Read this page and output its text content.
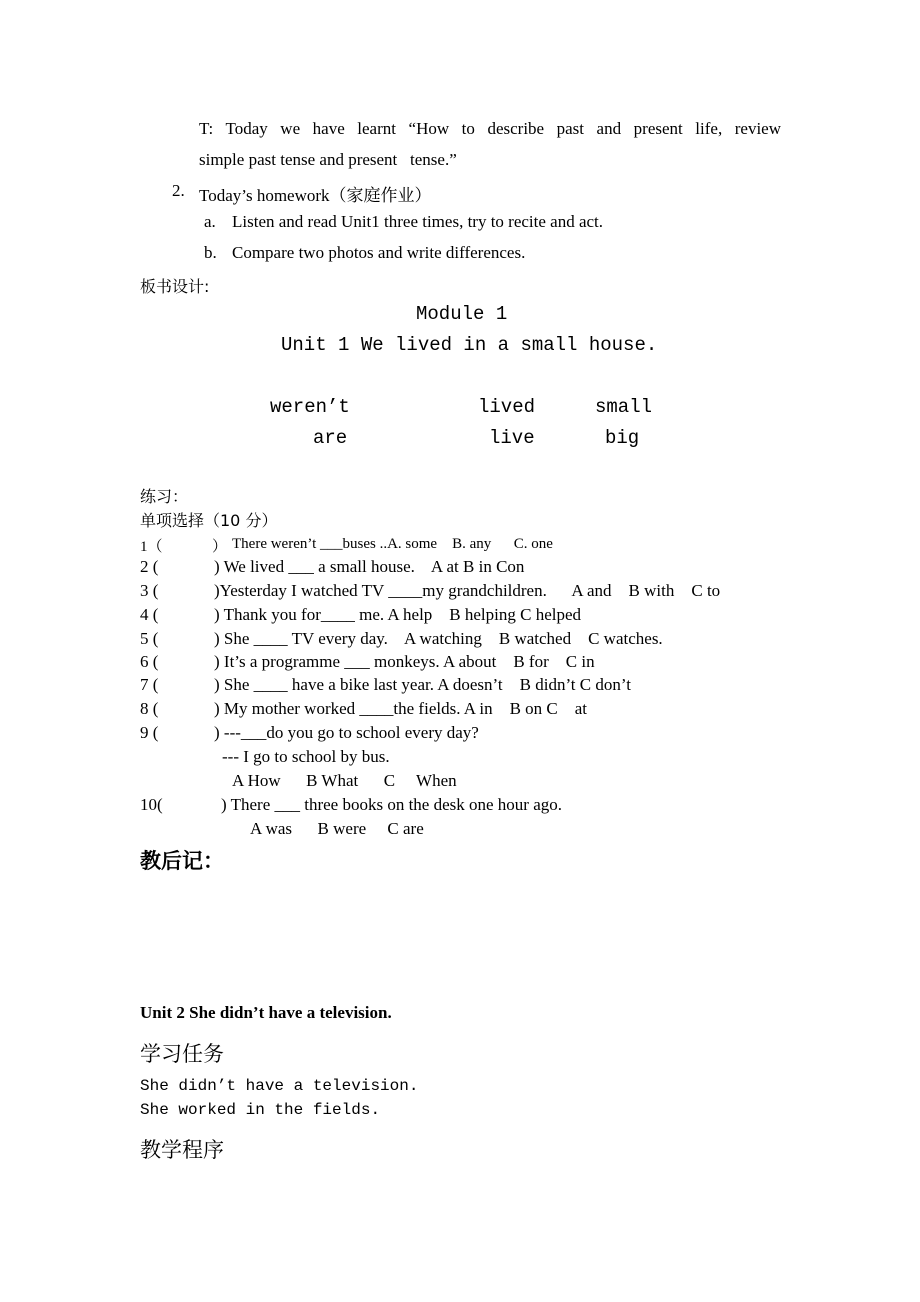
T: Today we have learnt “How to describe past and present life, review
simple past tense and present   tense.”
2. Today’s homework（家庭作业）
a. Listen and read Unit1 three times, try to recite and act.
b. Compare two photos and write differences.
板书设计:
Module 1
Unit 1 We lived in a small house.
weren’t	lived	small
are	live	big
练习：
单项选择（10 分）
1（	） There weren’t ___buses ..A. some    B. any      C. one
2 (	) We lived ___ a small house.    A at B in Con
3 (	)Yesterday I watched TV ____my grandchildren.      A and    B with    C to
4 (	) Thank you for____ me. A help    B helping C helped
5 (	) She ____ TV every day.    A watching    B watched    C watches.
6 (	) It’s a programme ___ monkeys. A about    B for    C in
7 (	) She ____ have a bike last year. A doesn’t    B didn’t C don’t
8 (	) My mother worked ____the fields. A in    B on C    at
9 (	) ---___do you go to school every day?
--- I go to school by bus.
A How      B What      C     When
10(	) There ___ three books on the desk one hour ago.
A was      B were     C are
教后记：
Unit 2 She didn’t have a television.
学习任务
She didn’t have a television.
She worked in the fields.
教学程序
